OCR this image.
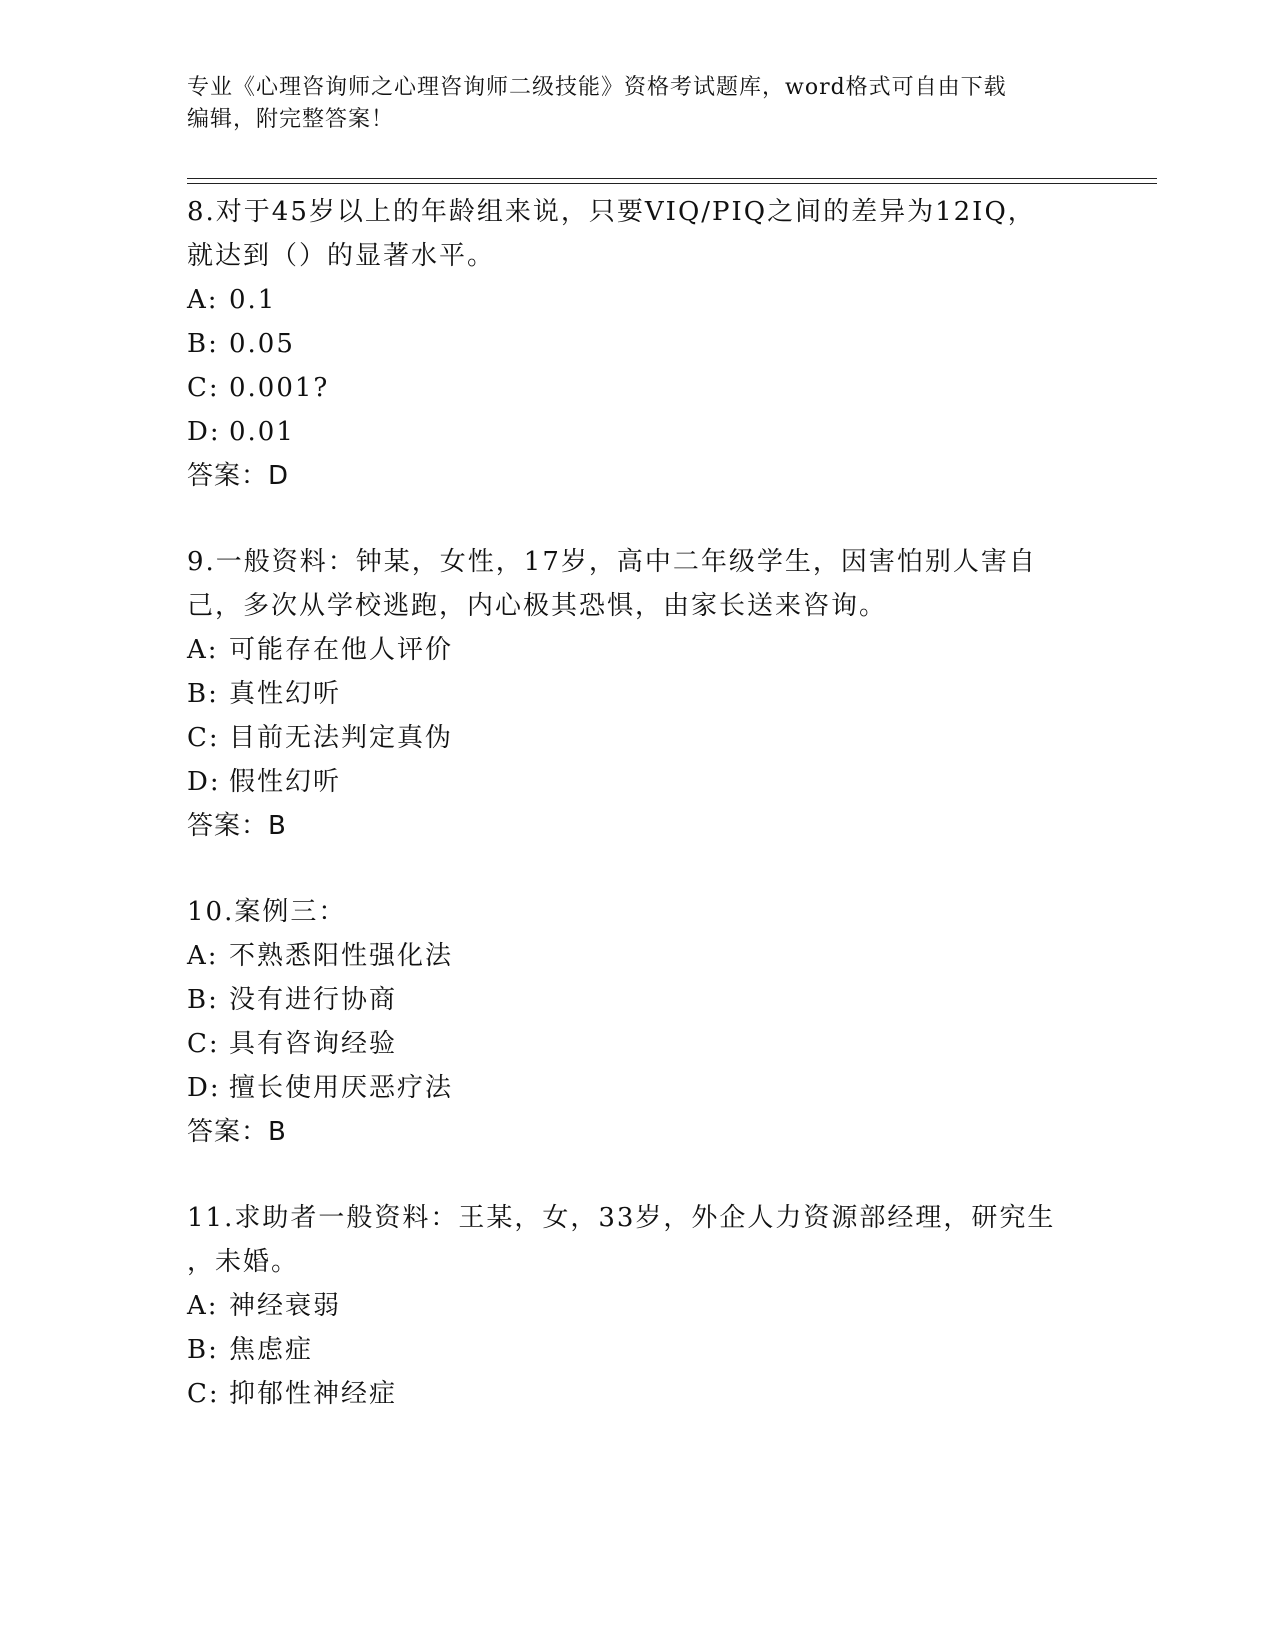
专业《心理咨询师之心理咨询师二级技能》资格考试题库，word格式可自由下载
编辑，附完整答案！
8.对于45岁以上的年龄组来说，只要VIQ/PIQ之间的差异为12IQ，
就达到（）的显著水平。
A: 0.1
B: 0.05
C: 0.001?
D: 0.01
答案：D
9.一般资料：钟某，女性，17岁，高中二年级学生，因害怕别人害自
己，多次从学校逃跑，内心极其恐惧，由家长送来咨询。
A: 可能存在他人评价
B: 真性幻听
C: 目前无法判定真伪
D: 假性幻听
答案：B
10.案例三：
A: 不熟悉阳性强化法
B: 没有进行协商
C: 具有咨询经验
D: 擅长使用厌恶疗法
答案：B
11.求助者一般资料：王某，女，33岁，外企人力资源部经理，研究生
，未婚。
A: 神经衰弱
B: 焦虑症
C: 抑郁性神经症
